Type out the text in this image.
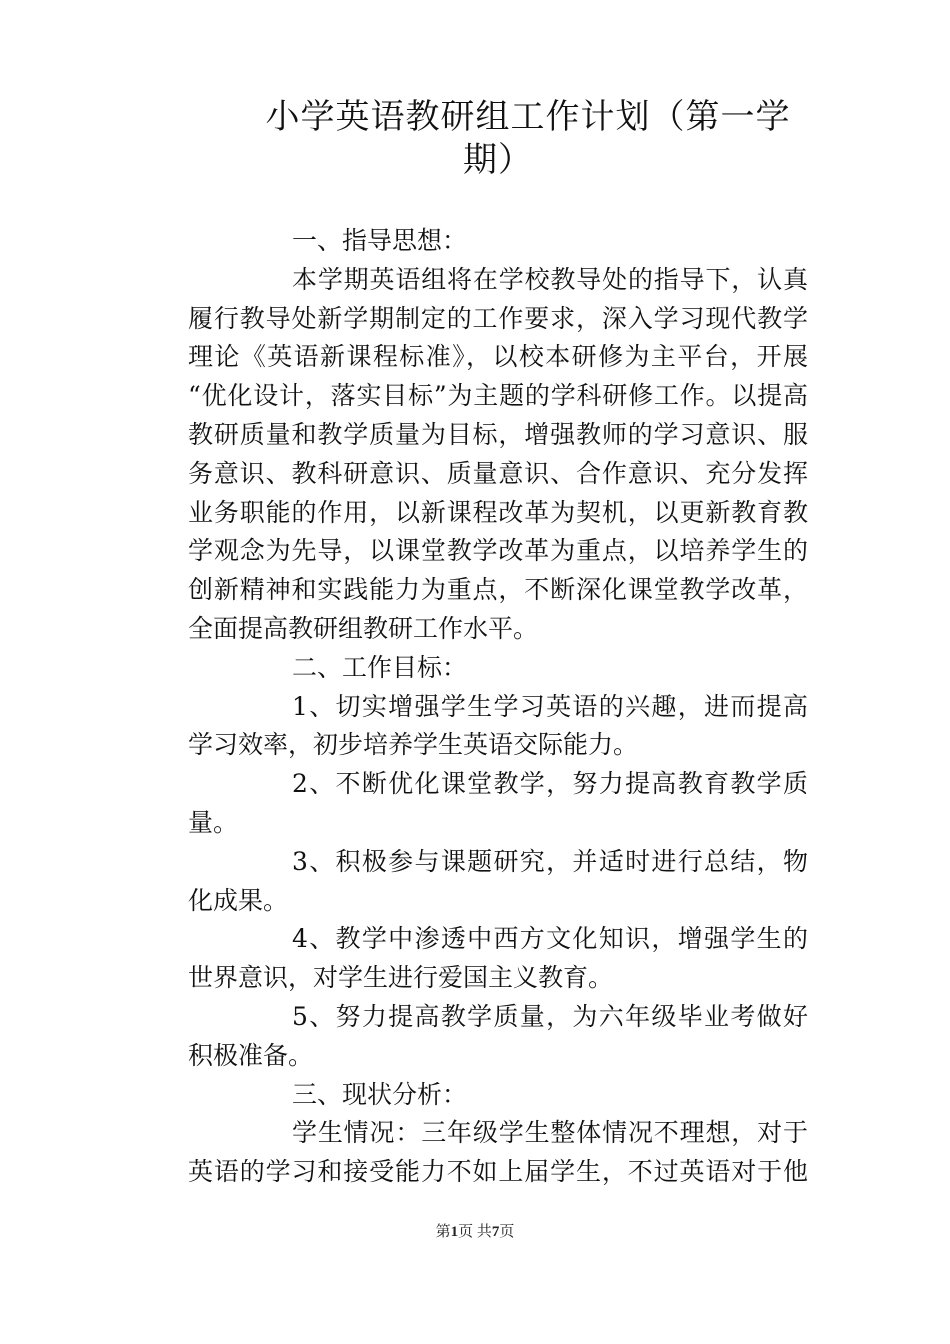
小学英语教研组工作计划（第一学
期）
一、指导思想：
本学期英语组将在学校教导处的指导下，认真
履行教导处新学期制定的工作要求，深入学习现代教学
理论《英语新课程标准》，以校本研修为主平台，开展
“优化设计，落实目标”为主题的学科研修工作。以提高
教研质量和教学质量为目标，增强教师的学习意识、服
务意识、教科研意识、质量意识、合作意识、充分发挥
业务职能的作用，以新课程改革为契机，以更新教育教
学观念为先导，以课堂教学改革为重点，以培养学生的
创新精神和实践能力为重点，不断深化课堂教学改革，
全面提高教研组教研工作水平。
二、工作目标：
1、切实增强学生学习英语的兴趣，进而提高
学习效率，初步培养学生英语交际能力。
2、不断优化课堂教学，努力提高教育教学质
量。
3、积极参与课题研究，并适时进行总结，物
化成果。
4、教学中渗透中西方文化知识，增强学生的
世界意识，对学生进行爱国主义教育。
5、努力提高教学质量，为六年级毕业考做好
积极准备。
三、现状分析：
学生情况：三年级学生整体情况不理想，对于
英语的学习和接受能力不如上届学生，不过英语对于他
第1页 共7页
